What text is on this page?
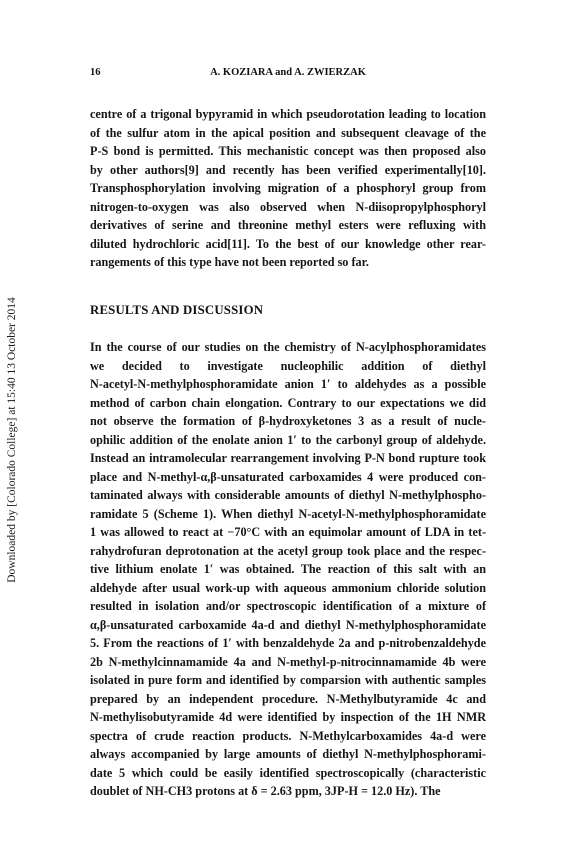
Downloaded by [Colorado College] at 15:40 13 October 2014
16	A. KOZIARA and A. ZWIERZAK
centre of a trigonal bypyramid in which pseudorotation leading to location
of the sulfur atom in the apical position and subsequent cleavage of the
P-S bond is permitted. This mechanistic concept was then proposed also
by other authors[9] and recently has been verified experimentally[10].
Transphosphorylation involving migration of a phosphoryl group from
nitrogen-to-oxygen was also observed when N-diisopropylphosphoryl
derivatives of serine and threonine methyl esters were refluxing with
diluted hydrochloric acid[11]. To the best of our knowledge other rear-
rangements of this type have not been reported so far.
RESULTS AND DISCUSSION
In the course of our studies on the chemistry of N-acylphosphoramidates
we decided to investigate nucleophilic addition of diethyl
N-acetyl-N-methylphosphoramidate anion 1′ to aldehydes as a possible
method of carbon chain elongation. Contrary to our expectations we did
not observe the formation of β-hydroxyketones 3 as a result of nucle-
ophilic addition of the enolate anion 1′ to the carbonyl group of aldehyde.
Instead an intramolecular rearrangement involving P-N bond rupture took
place and N-methyl-α,β-unsaturated carboxamides 4 were produced con-
taminated always with considerable amounts of diethyl N-methylphospho-
ramidate 5 (Scheme 1). When diethyl N-acetyl-N-methylphosphoramidate
1 was allowed to react at −70°C with an equimolar amount of LDA in tet-
rahydrofuran deprotonation at the acetyl group took place and the respec-
tive lithium enolate 1′ was obtained. The reaction of this salt with an
aldehyde after usual work-up with aqueous ammonium chloride solution
resulted in isolation and/or spectroscopic identification of a mixture of
α,β-unsaturated carboxamide 4a-d and diethyl N-methylphosphoramidate
5. From the reactions of 1′ with benzaldehyde 2a and p-nitrobenzaldehyde
2b N-methylcinnamamide 4a and N-methyl-p-nitrocinnamamide 4b were
isolated in pure form and identified by comparsion with authentic samples
prepared by an independent procedure. N-Methylbutyramide 4c and
N-methylisobutyramide 4d were identified by inspection of the 1H NMR
spectra of crude reaction products. N-Methylcarboxamides 4a-d were
always accompanied by large amounts of diethyl N-methylphosphorami-
date 5 which could be easily identified spectroscopically (characteristic
doublet of NH-CH3 protons at δ = 2.63 ppm, 3JP-H = 12.0 Hz). The
